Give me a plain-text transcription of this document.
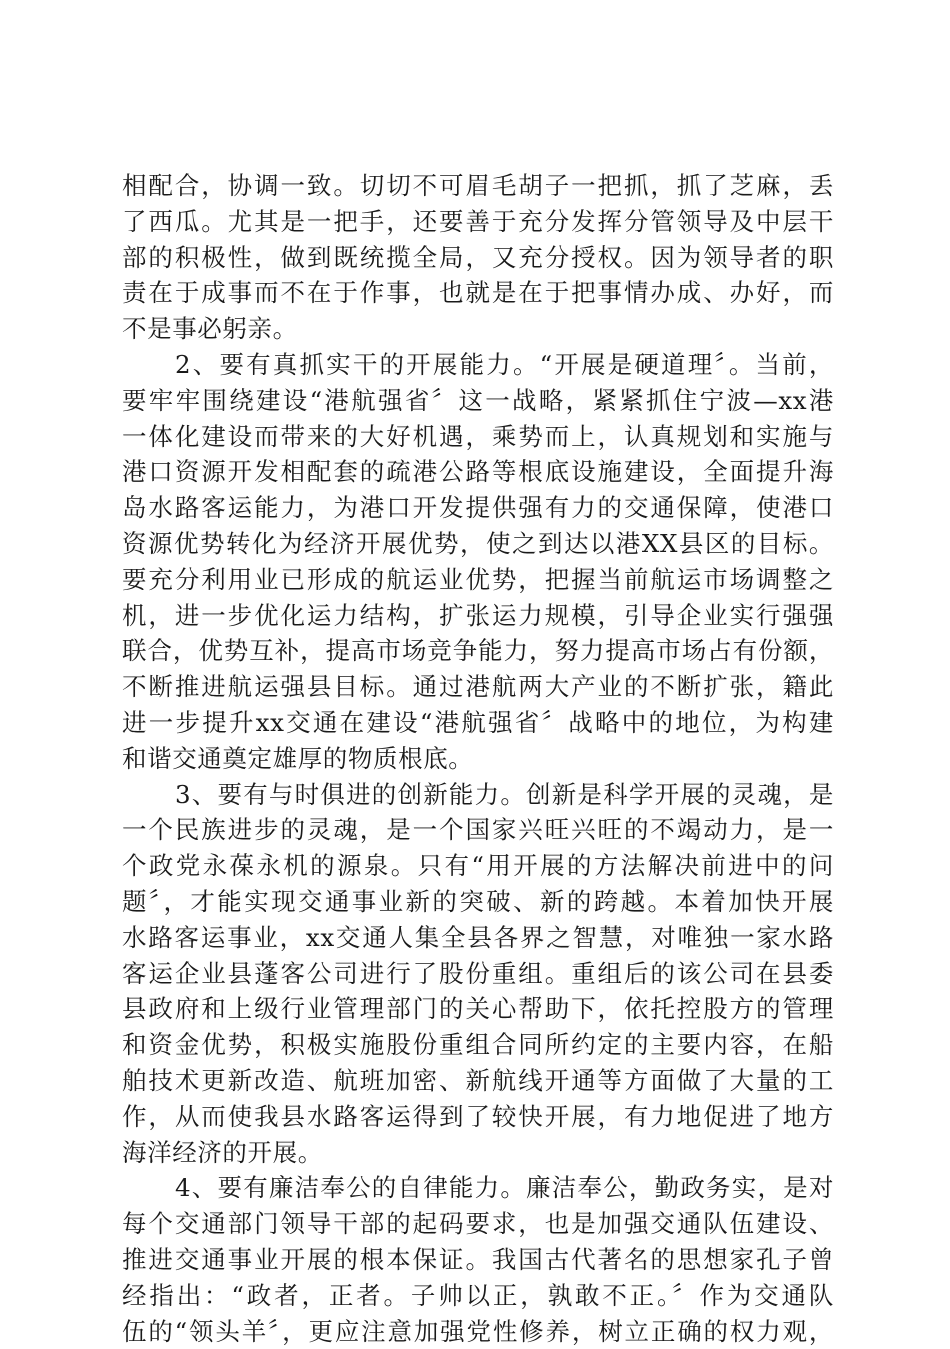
相配合，协调一致。切切不可眉毛胡子一把抓，抓了芝麻，丢
了西瓜。尤其是一把手，还要善于充分发挥分管领导及中层干
部的积极性，做到既统揽全局，又充分授权。因为领导者的职
责在于成事而不在于作事，也就是在于把事情办成、办好，而
不是事必躬亲。
2、要有真抓实干的开展能力。“开展是硬道理〞。当前，
要牢牢围绕建设“港航强省〞这一战略，紧紧抓住宁波—xx港
一体化建设而带来的大好机遇，乘势而上，认真规划和实施与
港口资源开发相配套的疏港公路等根底设施建设，全面提升海
岛水路客运能力，为港口开发提供强有力的交通保障，使港口
资源优势转化为经济开展优势，使之到达以港XX县区的目标。
要充分利用业已形成的航运业优势，把握当前航运市场调整之
机，进一步优化运力结构，扩张运力规模，引导企业实行强强
联合，优势互补，提高市场竞争能力，努力提高市场占有份额，
不断推进航运强县目标。通过港航两大产业的不断扩张，籍此
进一步提升xx交通在建设“港航强省〞战略中的地位，为构建
和谐交通奠定雄厚的物质根底。
3、要有与时俱进的创新能力。创新是科学开展的灵魂，是
一个民族进步的灵魂，是一个国家兴旺兴旺的不竭动力，是一
个政党永葆永机的源泉。只有“用开展的方法解决前进中的问
题〞，才能实现交通事业新的突破、新的跨越。本着加快开展
水路客运事业，xx交通人集全县各界之智慧，对唯独一家水路
客运企业县蓬客公司进行了股份重组。重组后的该公司在县委
县政府和上级行业管理部门的关心帮助下，依托控股方的管理
和资金优势，积极实施股份重组合同所约定的主要内容，在船
舶技术更新改造、航班加密、新航线开通等方面做了大量的工
作，从而使我县水路客运得到了较快开展，有力地促进了地方
海洋经济的开展。
4、要有廉洁奉公的自律能力。廉洁奉公，勤政务实，是对
每个交通部门领导干部的起码要求，也是加强交通队伍建设、
推进交通事业开展的根本保证。我国古代著名的思想家孔子曾
经指出：“政者，正者。子帅以正，孰敢不正。〞作为交通队
伍的“领头羊〞，更应注意加强党性修养，树立正确的权力观，
